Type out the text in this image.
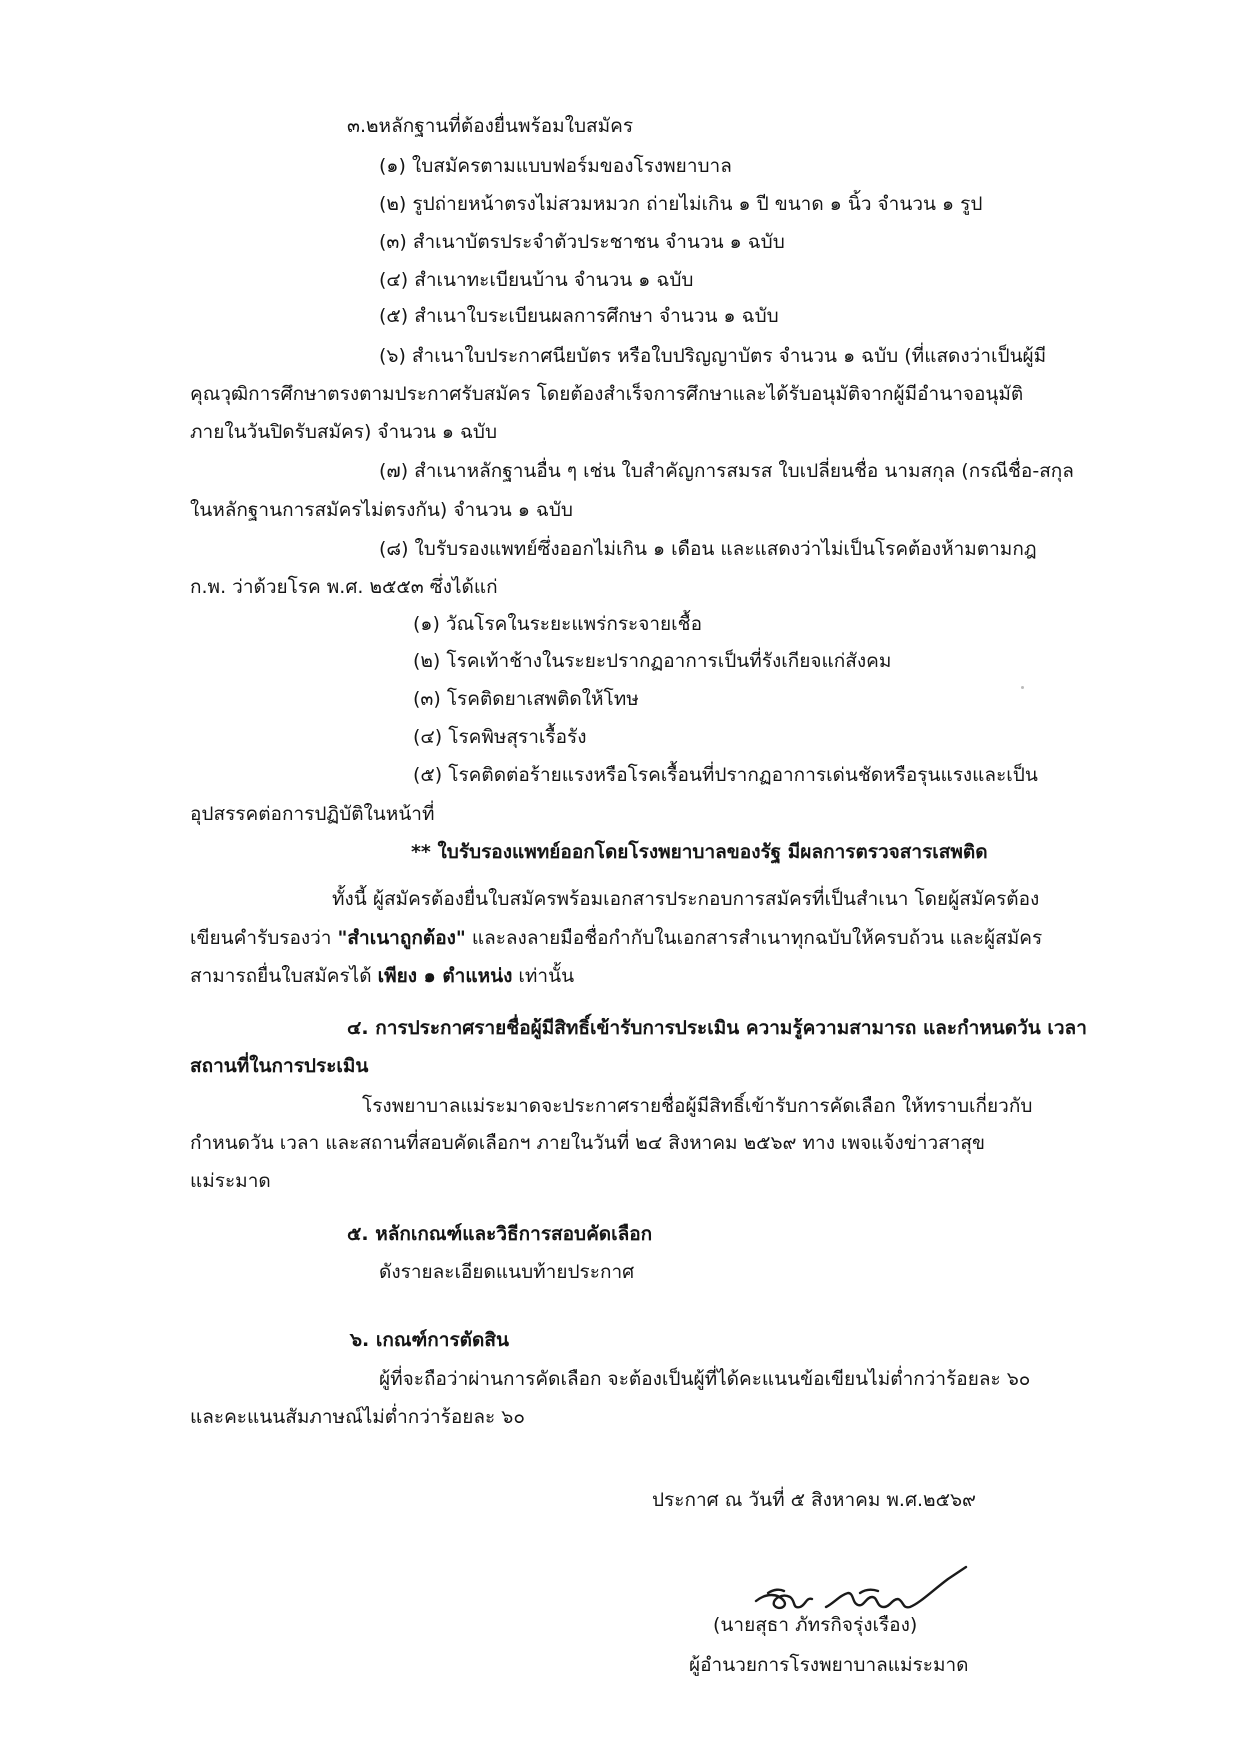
๓.๒หลักฐานที่ต้องยื่นพร้อมใบสมัคร
(๑) ใบสมัครตามแบบฟอร์มของโรงพยาบาล
(๒) รูปถ่ายหน้าตรงไม่สวมหมวก ถ่ายไม่เกิน ๑ ปี ขนาด ๑ นิ้ว จำนวน ๑ รูป
(๓) สำเนาบัตรประจำตัวประชาชน จำนวน ๑ ฉบับ
(๔) สำเนาทะเบียนบ้าน จำนวน ๑ ฉบับ
(๕) สำเนาใบระเบียนผลการศึกษา จำนวน ๑ ฉบับ
(๖) สำเนาใบประกาศนียบัตร หรือใบปริญญาบัตร จำนวน ๑ ฉบับ (ที่แสดงว่าเป็นผู้มี
คุณวุฒิการศึกษาตรงตามประกาศรับสมัคร โดยต้องสำเร็จการศึกษาและได้รับอนุมัติจากผู้มีอำนาจอนุมัติ
ภายในวันปิดรับสมัคร) จำนวน ๑ ฉบับ
(๗) สำเนาหลักฐานอื่น ๆ เช่น ใบสำคัญการสมรส ใบเปลี่ยนชื่อ นามสกุล (กรณีชื่อ-สกุล
ในหลักฐานการสมัครไม่ตรงกัน) จำนวน ๑ ฉบับ
(๘) ใบรับรองแพทย์ซึ่งออกไม่เกิน ๑ เดือน และแสดงว่าไม่เป็นโรคต้องห้ามตามกฎ
ก.พ. ว่าด้วยโรค พ.ศ. ๒๕๕๓ ซึ่งได้แก่
(๑) วัณโรคในระยะแพร่กระจายเชื้อ
(๒) โรคเท้าช้างในระยะปรากฏอาการเป็นที่รังเกียจแก่สังคม
(๓) โรคติดยาเสพติดให้โทษ
(๔) โรคพิษสุราเรื้อรัง
(๕) โรคติดต่อร้ายแรงหรือโรคเรื้อนที่ปรากฏอาการเด่นชัดหรือรุนแรงและเป็น
อุปสรรคต่อการปฏิบัติในหน้าที่
** ใบรับรองแพทย์ออกโดยโรงพยาบาลของรัฐ มีผลการตรวจสารเสพติด
ทั้งนี้ ผู้สมัครต้องยื่นใบสมัครพร้อมเอกสารประกอบการสมัครที่เป็นสำเนา โดยผู้สมัครต้อง
เขียนคำรับรองว่า "สำเนาถูกต้อง" และลงลายมือชื่อกำกับในเอกสารสำเนาทุกฉบับให้ครบถ้วน และผู้สมัคร
สามารถยื่นใบสมัครได้ เพียง ๑ ตำแหน่ง เท่านั้น
๔. การประกาศรายชื่อผู้มีสิทธิ์เข้ารับการประเมิน ความรู้ความสามารถ และกำหนดวัน เวลา
สถานที่ในการประเมิน
โรงพยาบาลแม่ระมาดจะประกาศรายชื่อผู้มีสิทธิ์เข้ารับการคัดเลือก ให้ทราบเกี่ยวกับ
กำหนดวัน เวลา และสถานที่สอบคัดเลือกฯ ภายในวันที่ ๒๔ สิงหาคม ๒๕๖๙ ทาง เพจแจ้งข่าวสาสุข
แม่ระมาด
๕. หลักเกณฑ์และวิธีการสอบคัดเลือก
ดังรายละเอียดแนบท้ายประกาศ
๖. เกณฑ์การตัดสิน
ผู้ที่จะถือว่าผ่านการคัดเลือก จะต้องเป็นผู้ที่ได้คะแนนข้อเขียนไม่ต่ำกว่าร้อยละ ๖๐
และคะแนนสัมภาษณ์ไม่ต่ำกว่าร้อยละ ๖๐
ประกาศ ณ วันที่ ๕ สิงหาคม พ.ศ.๒๕๖๙
(นายสุธา ภัทรกิจรุ่งเรือง)
ผู้อำนวยการโรงพยาบาลแม่ระมาด
